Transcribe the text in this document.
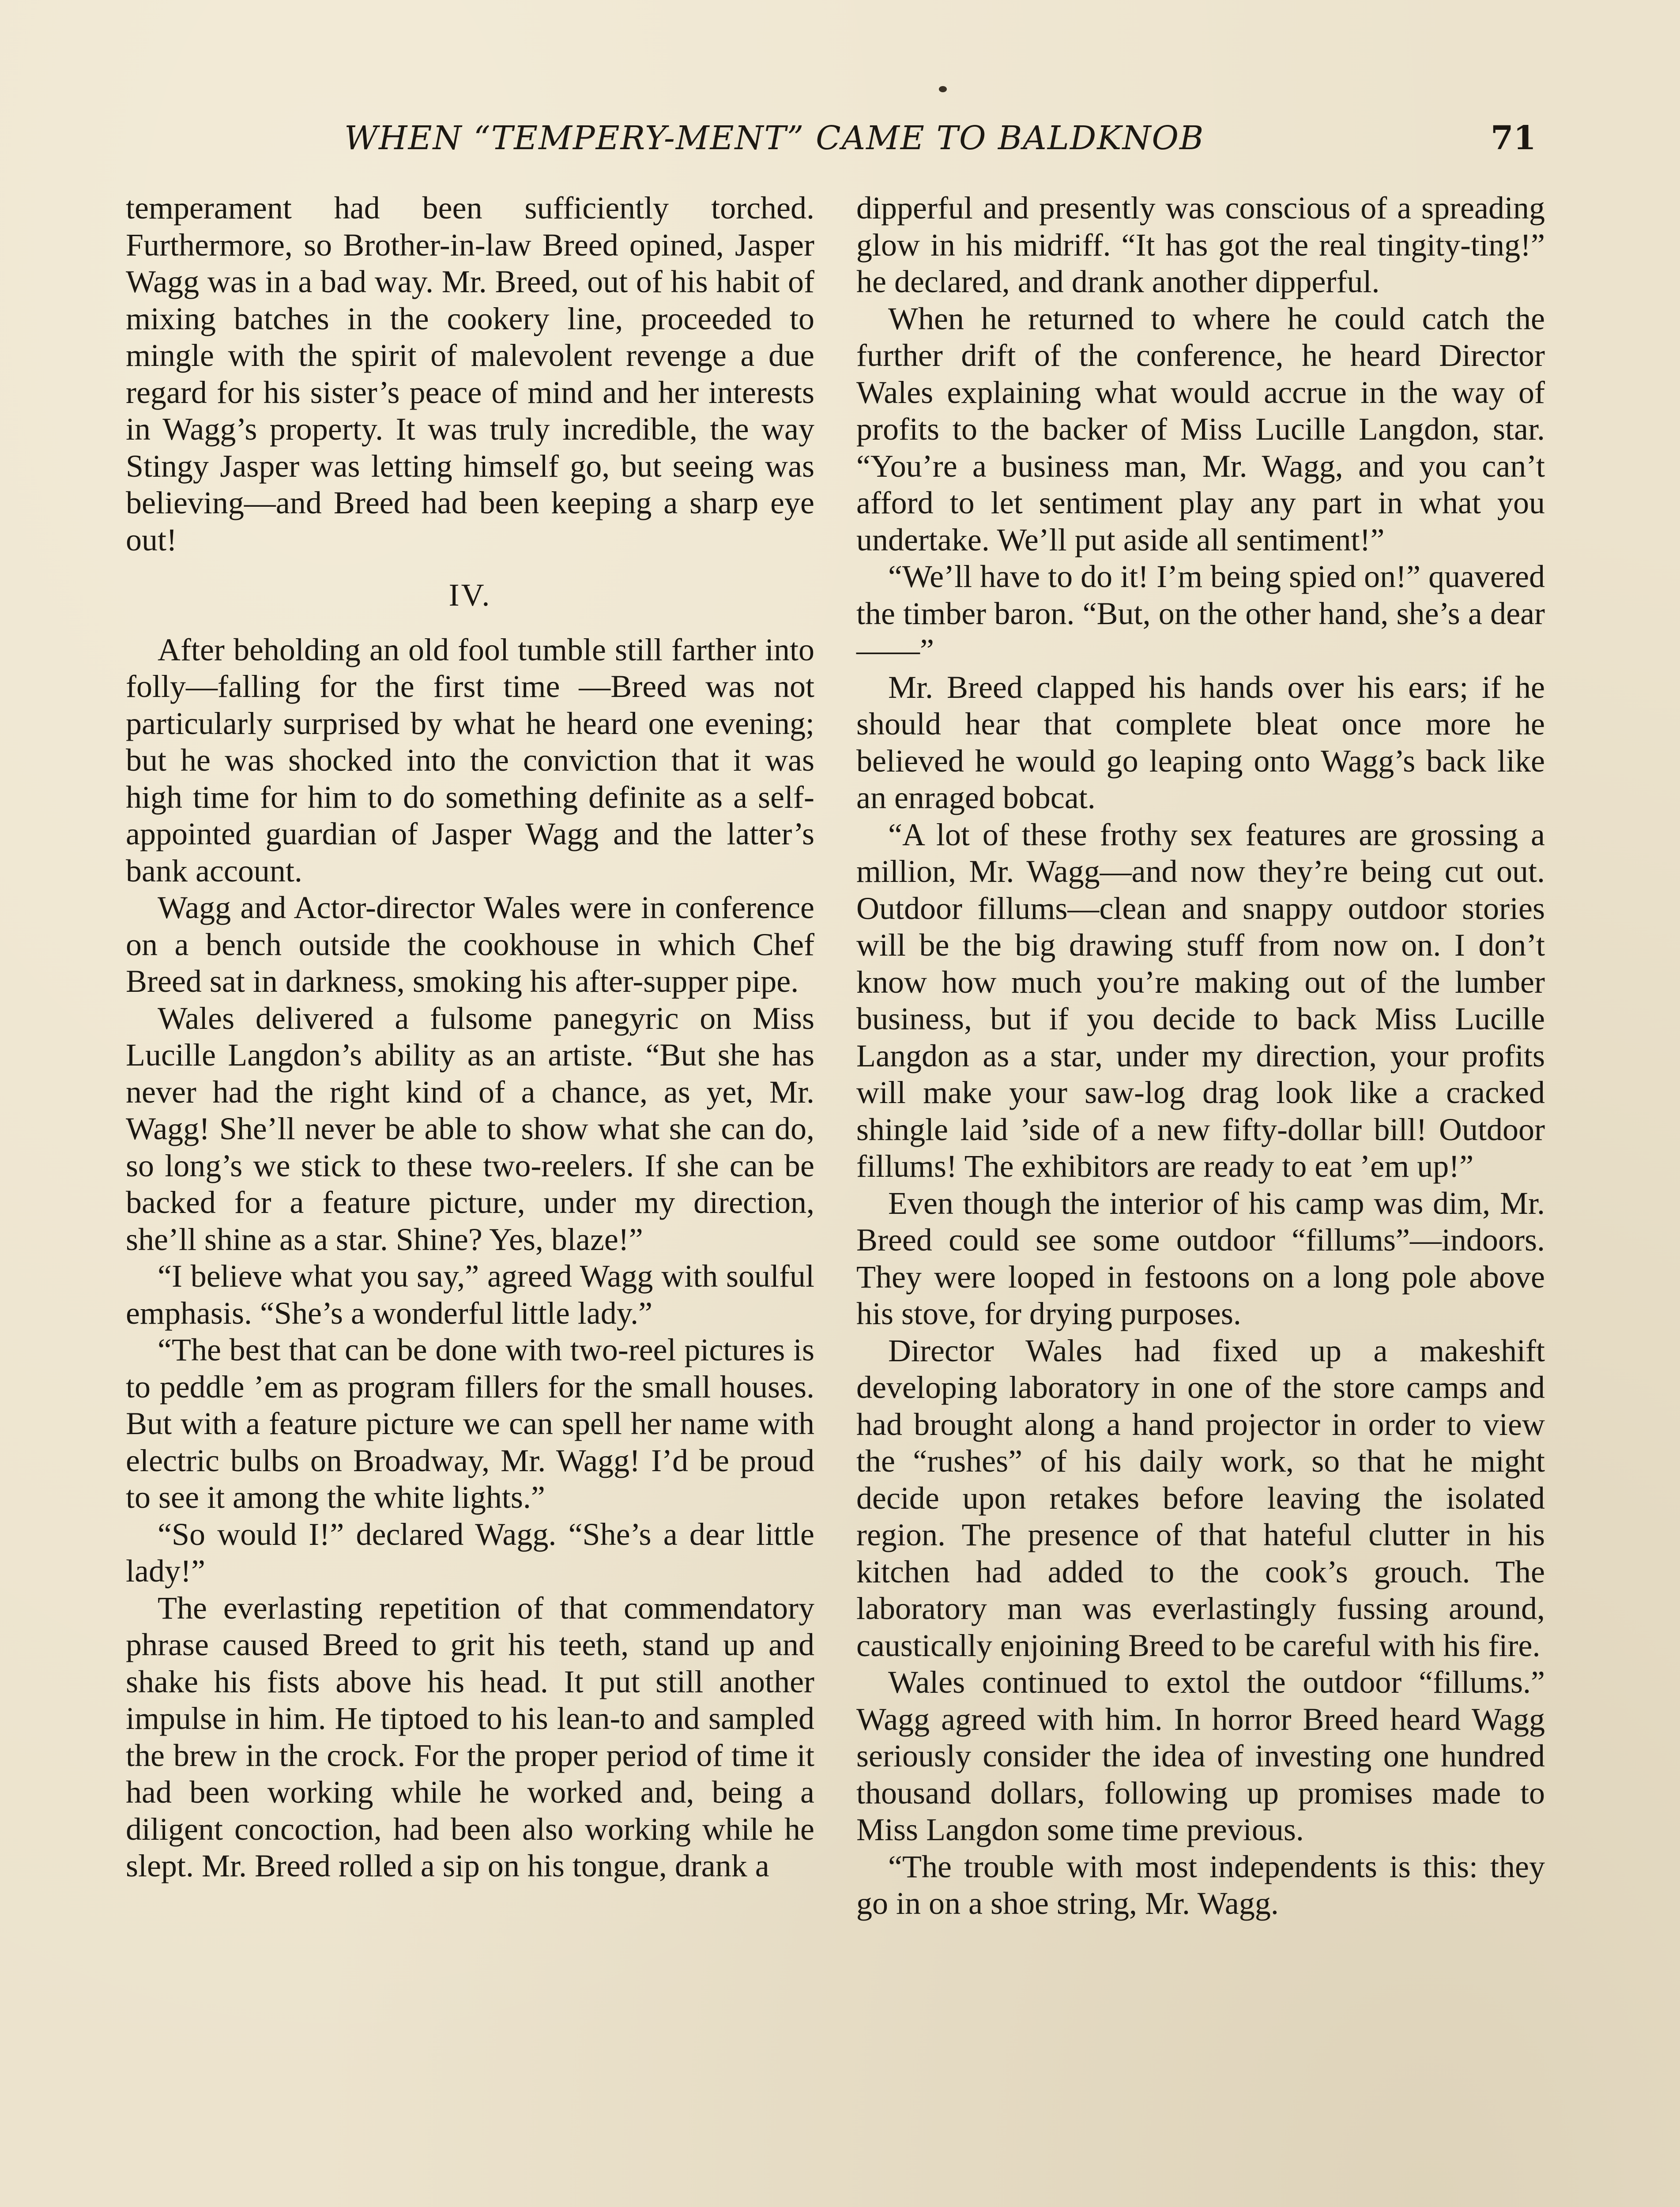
WHEN “TEMPERY-MENT” CAME TO BALDKNOB	71

temperament had been sufficiently torched. Furthermore, so Brother-in-law Breed opined, Jasper Wagg was in a bad way. Mr. Breed, out of his habit of mixing batches in the cookery line, proceeded to mingle with the spirit of malevolent revenge a due regard for his sister’s peace of mind and her interests in Wagg’s property. It was truly incredible, the way Stingy Jasper was letting himself go, but seeing was believing—and Breed had been keeping a sharp eye out!

IV.

After beholding an old fool tumble still farther into folly—falling for the first time —Breed was not particularly surprised by what he heard one evening; but he was shocked into the conviction that it was high time for him to do something definite as a self-appointed guardian of Jasper Wagg and the latter’s bank account.

Wagg and Actor-director Wales were in conference on a bench outside the cookhouse in which Chef Breed sat in darkness, smoking his after-supper pipe.

Wales delivered a fulsome panegyric on Miss Lucille Langdon’s ability as an artiste. “But she has never had the right kind of a chance, as yet, Mr. Wagg! She’ll never be able to show what she can do, so long’s we stick to these two-reelers. If she can be backed for a feature picture, under my direction, she’ll shine as a star. Shine? Yes, blaze!”

“I believe what you say,” agreed Wagg with soulful emphasis. “She’s a wonderful little lady.”

“The best that can be done with two-reel pictures is to peddle ’em as program fillers for the small houses. But with a feature picture we can spell her name with electric bulbs on Broadway, Mr. Wagg! I’d be proud to see it among the white lights.”

“So would I!” declared Wagg. “She’s a dear little lady!”

The everlasting repetition of that commendatory phrase caused Breed to grit his teeth, stand up and shake his fists above his head. It put still another impulse in him. He tiptoed to his lean-to and sampled the brew in the crock. For the proper period of time it had been working while he worked and, being a diligent concoction, had been also working while he slept. Mr. Breed rolled a sip on his tongue, drank a

dipperful and presently was conscious of a spreading glow in his midriff. “It has got the real tingity-ting!” he declared, and drank another dipperful.

When he returned to where he could catch the further drift of the conference, he heard Director Wales explaining what would accrue in the way of profits to the backer of Miss Lucille Langdon, star. “You’re a business man, Mr. Wagg, and you can’t afford to let sentiment play any part in what you undertake. We’ll put aside all sentiment!”

“We’ll have to do it! I’m being spied on!” quavered the timber baron. “But, on the other hand, she’s a dear——”

Mr. Breed clapped his hands over his ears; if he should hear that complete bleat once more he believed he would go leaping onto Wagg’s back like an enraged bobcat.

“A lot of these frothy sex features are grossing a million, Mr. Wagg—and now they’re being cut out. Outdoor fillums—clean and snappy outdoor stories will be the big drawing stuff from now on. I don’t know how much you’re making out of the lumber business, but if you decide to back Miss Lucille Langdon as a star, under my direction, your profits will make your saw-log drag look like a cracked shingle laid ’side of a new fifty-dollar bill! Outdoor fillums! The exhibitors are ready to eat ’em up!”

Even though the interior of his camp was dim, Mr. Breed could see some outdoor “fillums”—indoors. They were looped in festoons on a long pole above his stove, for drying purposes.

Director Wales had fixed up a makeshift developing laboratory in one of the store camps and had brought along a hand projector in order to view the “rushes” of his daily work, so that he might decide upon retakes before leaving the isolated region. The presence of that hateful clutter in his kitchen had added to the cook’s grouch. The laboratory man was everlastingly fussing around, caustically enjoining Breed to be careful with his fire.

Wales continued to extol the outdoor “fillums.” Wagg agreed with him. In horror Breed heard Wagg seriously consider the idea of investing one hundred thousand dollars, following up promises made to Miss Langdon some time previous.

“The trouble with most independents is this: they go in on a shoe string, Mr. Wagg.
